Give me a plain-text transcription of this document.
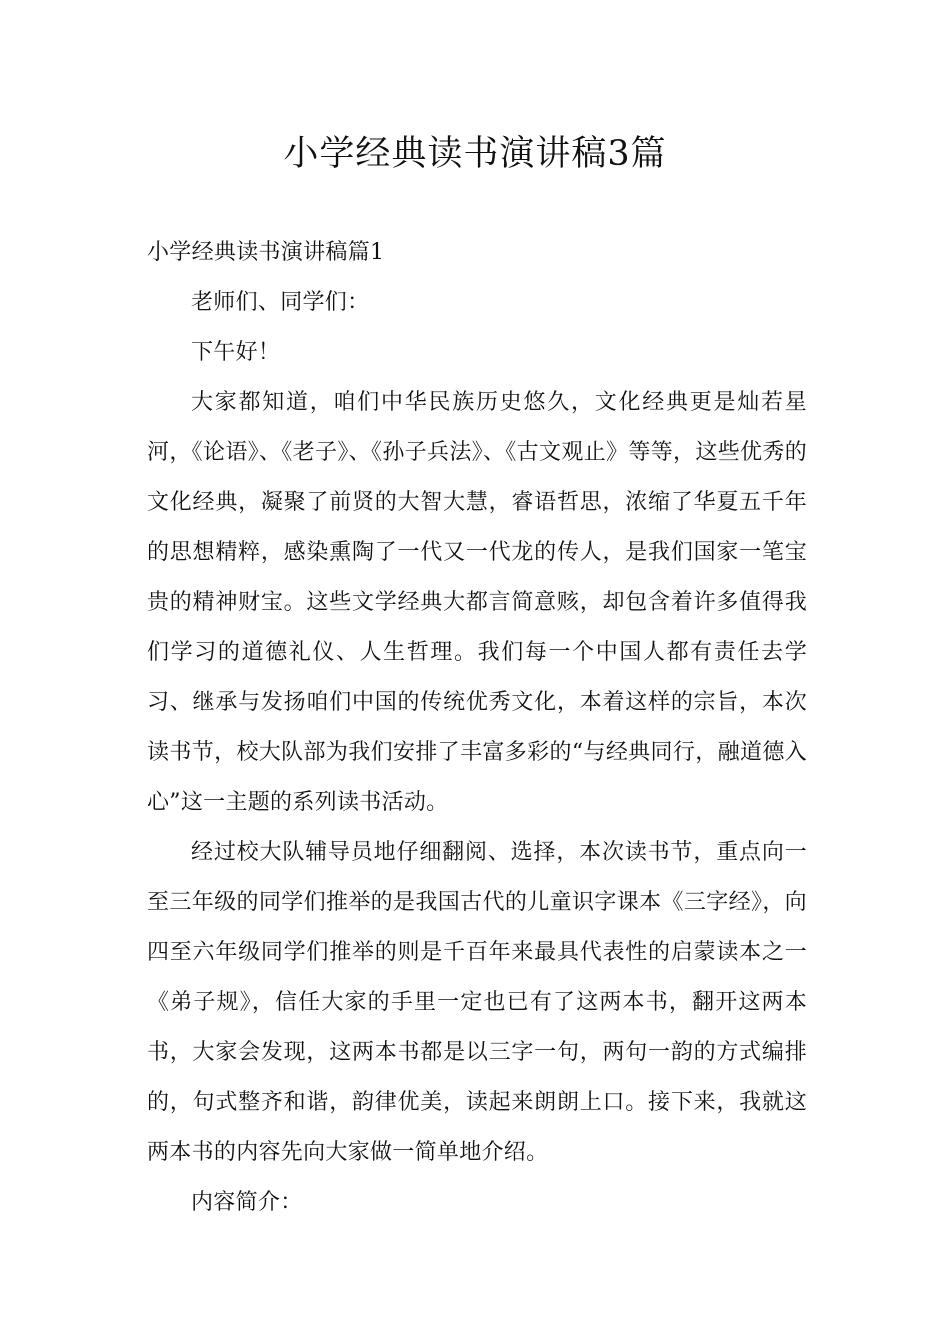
小学经典读书演讲稿3篇

小学经典读书演讲稿篇1

老师们、同学们：

下午好！

大家都知道，咱们中华民族历史悠久，文化经典更是灿若星河，《论语》、《老子》、《孙子兵法》、《古文观止》等等，这些优秀的文化经典，凝聚了前贤的大智大慧，睿语哲思，浓缩了华夏五千年的思想精粹，感染熏陶了一代又一代龙的传人，是我们国家一笔宝贵的精神财宝。这些文学经典大都言简意赅，却包含着许多值得我们学习的道德礼仪、人生哲理。我们每一个中国人都有责任去学习、继承与发扬咱们中国的传统优秀文化，本着这样的宗旨，本次读书节，校大队部为我们安排了丰富多彩的“与经典同行，融道德入心”这一主题的系列读书活动。

经过校大队辅导员地仔细翻阅、选择，本次读书节，重点向一至三年级的同学们推举的是我国古代的儿童识字课本《三字经》，向四至六年级同学们推举的则是千百年来最具代表性的启蒙读本之一《弟子规》，信任大家的手里一定也已有了这两本书，翻开这两本书，大家会发现，这两本书都是以三字一句，两句一韵的方式编排的，句式整齐和谐，韵律优美，读起来朗朗上口。接下来，我就这两本书的内容先向大家做一简单地介绍。

内容简介：
